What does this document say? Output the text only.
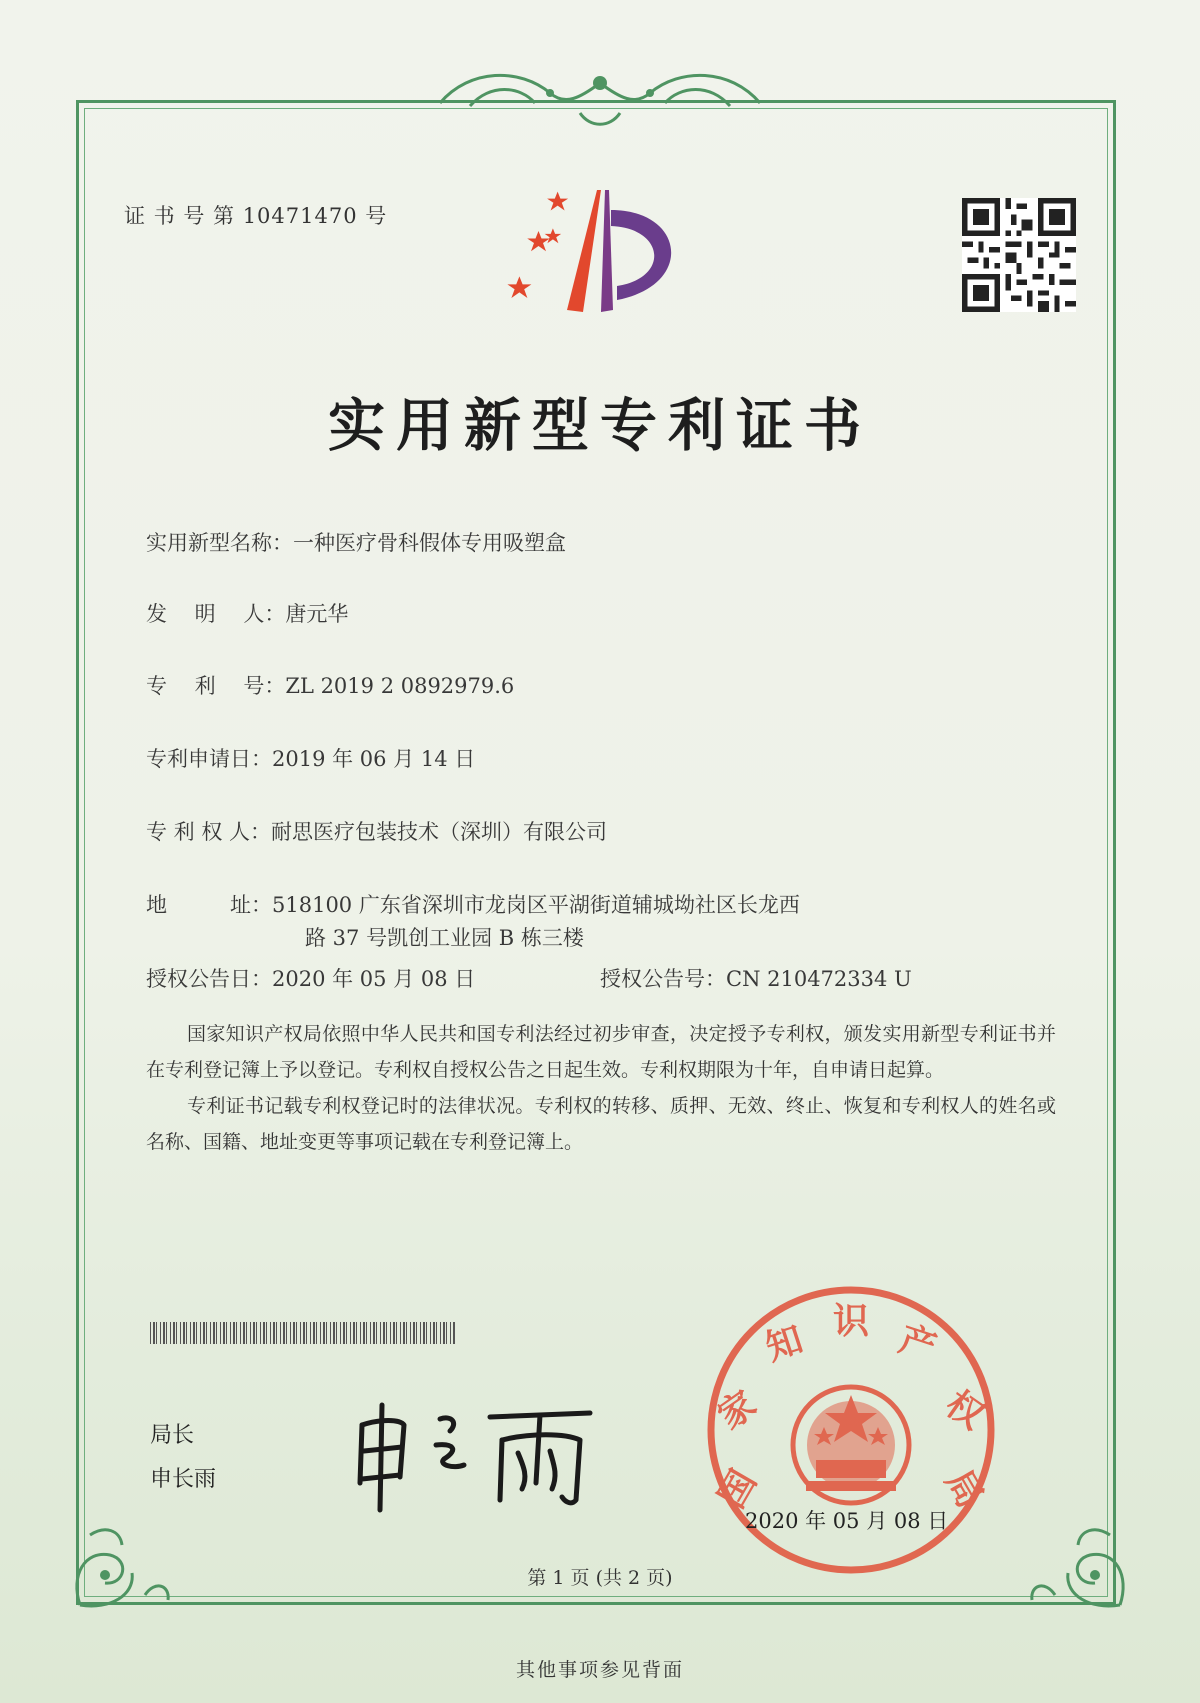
证 书 号 第 10471470 号
实用新型专利证书
实用新型名称：一种医疗骨科假体专用吸塑盒
发　 明　 人：唐元华
专　 利　 号：ZL 2019 2 0892979.6
专利申请日：2019 年 06 月 14 日
专 利 权 人：耐思医疗包装技术（深圳）有限公司
地　　　址：518100 广东省深圳市龙岗区平湖街道辅城坳社区长龙西
路 37 号凯创工业园 B 栋三楼
授权公告日：2020 年 05 月 08 日	授权公告号：CN 210472334 U

国家知识产权局依照中华人民共和国专利法经过初步审查，决定授予专利权，颁发实用新型专利证书并在专利登记簿上予以登记。专利权自授权公告之日起生效。专利权期限为十年，自申请日起算。

专利证书记载专利权登记时的法律状况。专利权的转移、质押、无效、终止、恢复和专利权人的姓名或名称、国籍、地址变更等事项记载在专利登记簿上。

局长
申长雨	国
家
知 识 产
权
局
2020 年 05 月 08 日
第 1 页 (共 2 页)
其他事项参见背面
